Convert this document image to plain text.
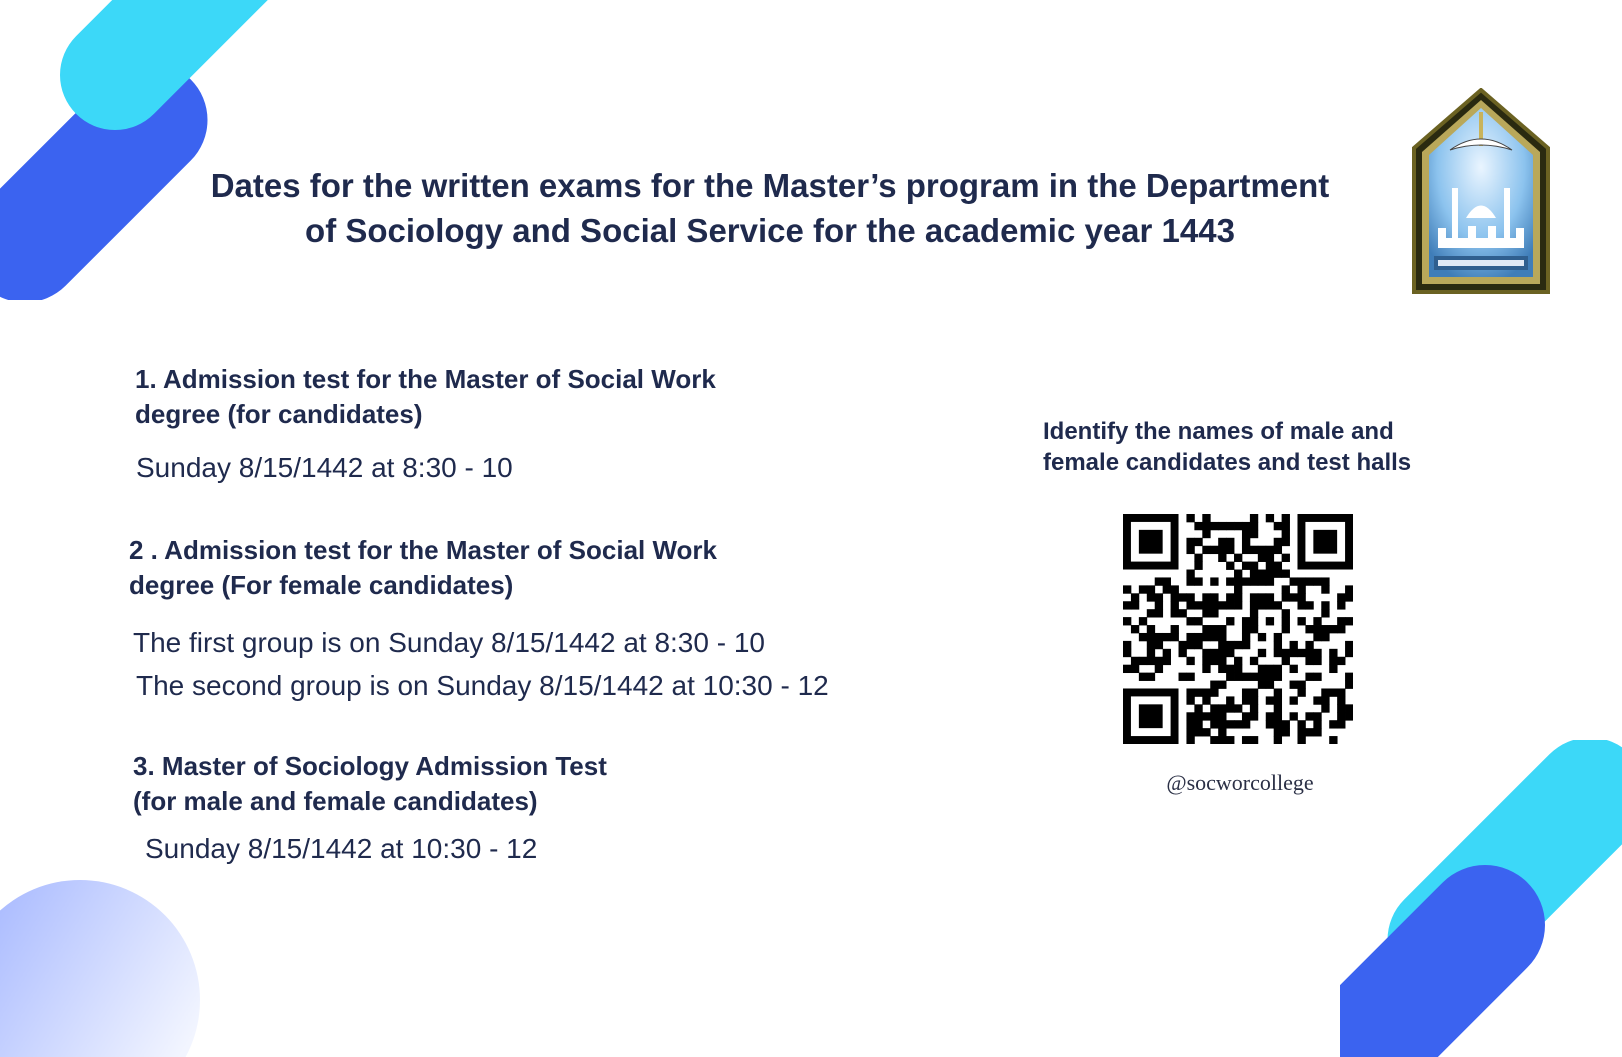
Dates for the written exams for the Master’s program in the Department
of Sociology and Social Service for the academic year 1443
1. Admission test for the Master of Social Work
degree (for candidates)

Sunday 8/15/1442 at 8:30 - 10

2 . Admission test for the Master of Social Work
degree (For female candidates)

The first group is on Sunday 8/15/1442 at 8:30 - 10

The second group is on Sunday 8/15/1442 at 10:30 - 12

3. Master of Sociology Admission Test
(for male and female candidates)

Sunday 8/15/1442 at 10:30 - 12

Identify the names of male and
female candidates and test halls

@socworcollege
